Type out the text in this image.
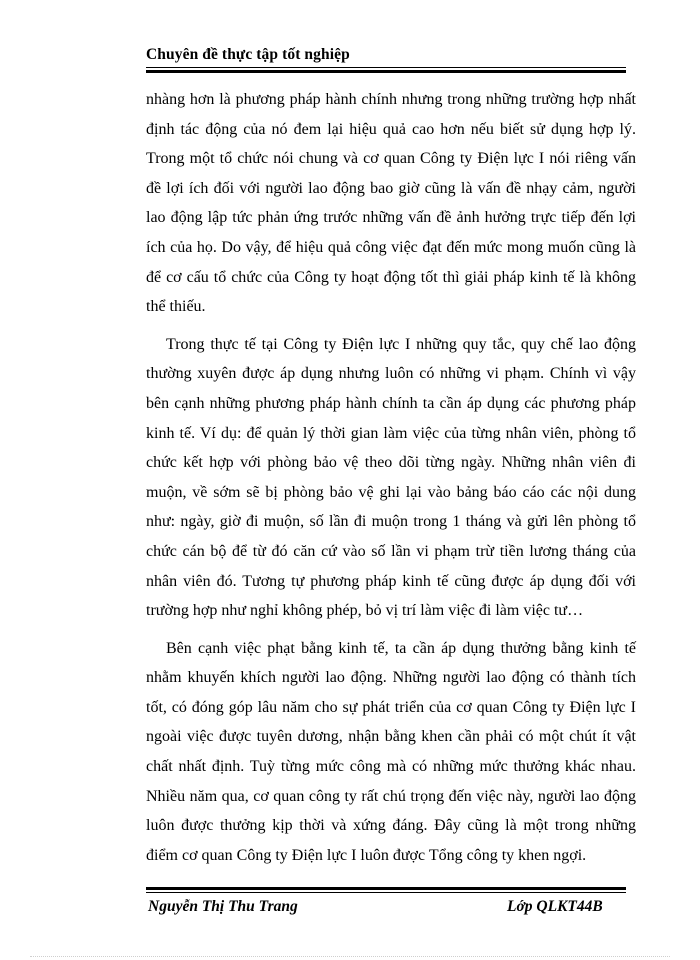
Chuyên đề thực tập tốt nghiệp

nhàng hơn là phương pháp hành chính nhưng trong những trường hợp nhất định tác động của nó đem lại hiệu quả cao hơn nếu biết sử dụng hợp lý. Trong một tổ chức nói chung và cơ quan Công ty Điện lực I nói riêng vấn đề lợi ích đối với người lao động bao giờ cũng là vấn đề nhạy cảm, người lao động lập tức phản ứng trước những vấn đề ảnh hưởng trực tiếp đến lợi ích của họ. Do vậy, để hiệu quả công việc đạt đến mức mong muốn cũng là để cơ cấu tổ chức của Công ty hoạt động tốt thì giải pháp kinh tế là không thể thiếu.

Trong thực tế tại Công ty Điện lực I những quy tắc, quy chế lao động thường xuyên được áp dụng nhưng luôn có những vi phạm. Chính vì vậy bên cạnh những phương pháp hành chính ta cần áp dụng các phương pháp kinh tế. Ví dụ: để quản lý thời gian làm việc của từng nhân viên, phòng tổ chức kết hợp với phòng bảo vệ theo dõi từng ngày. Những nhân viên đi muộn, về sớm sẽ bị phòng bảo vệ ghi lại vào bảng báo cáo các nội dung như: ngày, giờ đi muộn, số lần đi muộn trong 1 tháng và gửi lên phòng tổ chức cán bộ để từ đó căn cứ vào số lần vi phạm trừ tiền lương tháng của nhân viên đó. Tương tự phương pháp kinh tế cũng được áp dụng đối với trường hợp như nghỉ không phép, bỏ vị trí làm việc đi làm việc tư…

Bên cạnh việc phạt bằng kinh tế, ta cần áp dụng thưởng bằng kinh tế nhằm khuyến khích người lao động. Những người lao động có thành tích tốt, có đóng góp lâu năm cho sự phát triển của cơ quan Công ty Điện lực I ngoài việc được tuyên dương, nhận bằng khen cần phải có một chút ít vật chất nhất định. Tuỳ từng mức công mà có những mức thưởng khác nhau. Nhiều năm qua, cơ quan công ty rất chú trọng đến việc này, người lao động luôn được thưởng kịp thời và xứng đáng. Đây cũng là một trong những điểm cơ quan Công ty Điện lực I luôn được Tổng công ty khen ngợi.

Nguyễn Thị Thu Trang	Lớp QLKT44B
